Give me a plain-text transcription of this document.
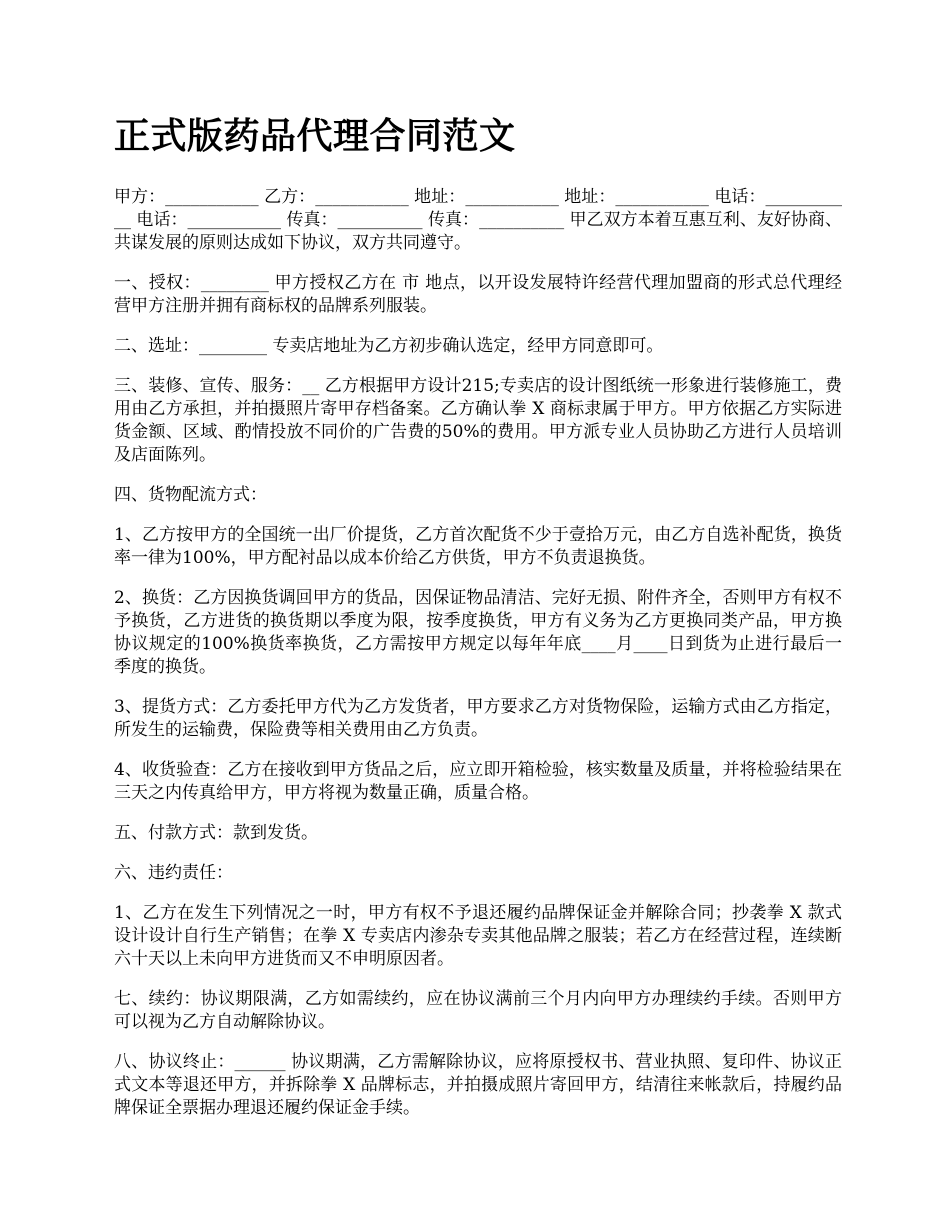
正式版药品代理合同范文

甲方：___________ 乙方：___________ 地址：___________ 地址：___________ 电话：___________ 电话：___________ 传真：__________ 传真：__________ 甲乙双方本着互惠互利、友好协商、共谋发展的原则达成如下协议，双方共同遵守。

一、授权：________ 甲方授权乙方在 市 地点，以开设发展特许经营代理加盟商的形式总代理经营甲方注册并拥有商标权的品牌系列服装。

二、选址：________ 专卖店地址为乙方初步确认选定，经甲方同意即可。

三、装修、宣传、服务：__ 乙方根据甲方设计215;专卖店的设计图纸统一形象进行装修施工，费用由乙方承担，并拍摄照片寄甲存档备案。乙方确认拳 X 商标隶属于甲方。甲方依据乙方实际进货金额、区域、酌情投放不同价的广告费的50%的费用。甲方派专业人员协助乙方进行人员培训及店面陈列。

四、货物配流方式：

1、乙方按甲方的全国统一出厂价提货，乙方首次配货不少于壹拾万元，由乙方自选补配货，换货率一律为100%，甲方配衬品以成本价给乙方供货，甲方不负责退换货。

2、换货：乙方因换货调回甲方的货品，因保证物品清洁、完好无损、附件齐全，否则甲方有权不予换货，乙方进货的换货期以季度为限，按季度换货，甲方有义务为乙方更换同类产品，甲方换协议规定的100%换货率换货，乙方需按甲方规定以每年年底____月____日到货为止进行最后一季度的换货。

3、提货方式：乙方委托甲方代为乙方发货者，甲方要求乙方对货物保险，运输方式由乙方指定，所发生的运输费，保险费等相关费用由乙方负责。

4、收货验查：乙方在接收到甲方货品之后，应立即开箱检验，核实数量及质量，并将检验结果在三天之内传真给甲方，甲方将视为数量正确，质量合格。

五、付款方式：款到发货。

六、违约责任：

1、乙方在发生下列情况之一时，甲方有权不予退还履约品牌保证金并解除合同；抄袭拳 X 款式设计设计自行生产销售；在拳 X 专卖店内渗杂专卖其他品牌之服装；若乙方在经营过程，连续断六十天以上未向甲方进货而又不申明原因者。

七、续约：协议期限满，乙方如需续约，应在协议满前三个月内向甲方办理续约手续。否则甲方可以视为乙方自动解除协议。

八、协议终止：______ 协议期满，乙方需解除协议，应将原授权书、营业执照、复印件、协议正式文本等退还甲方，并拆除拳 X 品牌标志，并拍摄成照片寄回甲方，结清往来帐款后，持履约品牌保证全票据办理退还履约保证金手续。
